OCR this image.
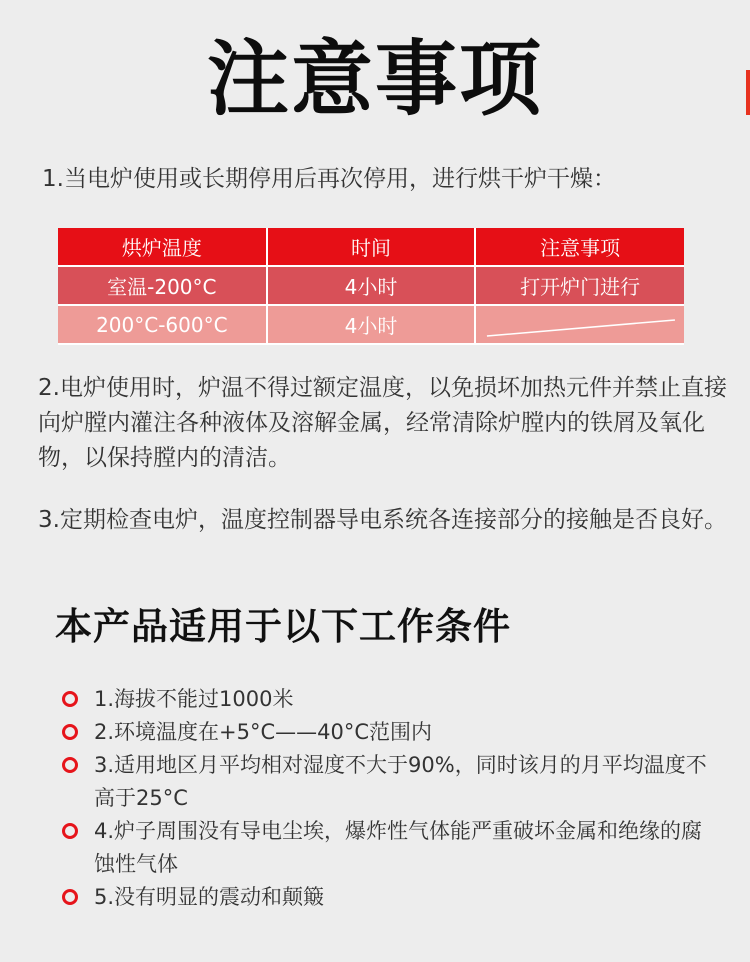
注意事项
1.当电炉使用或长期停用后再次停用，进行烘干炉干燥：
烘炉温度	时间	注意事项
室温-200°C	4小时	打开炉门进行
200°C-600°C	4小时	
2.电炉使用时，炉温不得过额定温度，以免损坏加热元件并禁止直接向炉膛内灌注各种液体及溶解金属，经常清除炉膛内的铁屑及氧化物，以保持膛内的清洁。
3.定期检查电炉，温度控制器导电系统各连接部分的接触是否良好。
本产品适用于以下工作条件
1.海拔不能过1000米
2.环境温度在+5°C——40°C范围内
3.适用地区月平均相对湿度不大于90%，同时该月的月平均温度不高于25°C
4.炉子周围没有导电尘埃，爆炸性气体能严重破坏金属和绝缘的腐蚀性气体
5.没有明显的震动和颠簸
